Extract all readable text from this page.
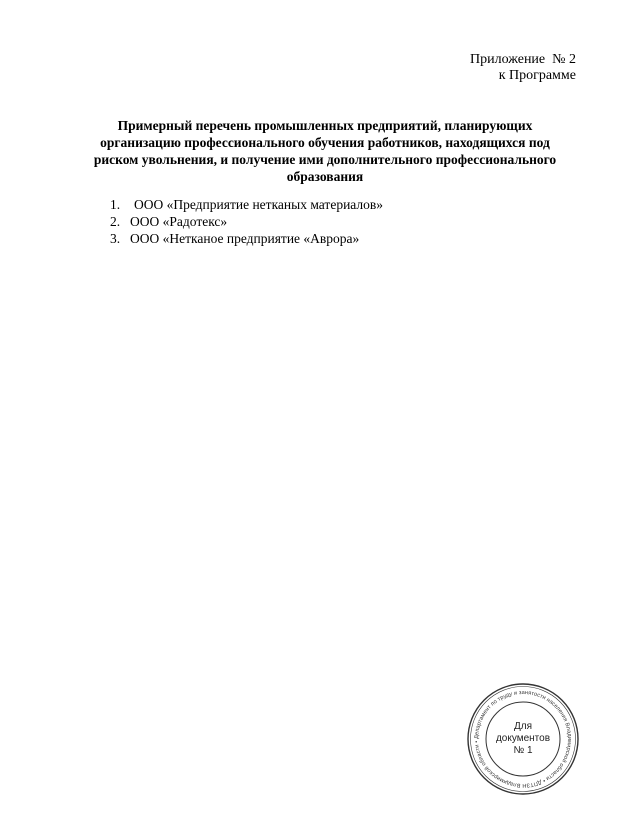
Приложение  № 2
к Программе
Примерный перечень промышленных предприятий, планирующих
организацию профессионального обучения работников, находящихся под
риском увольнения, и получение ими дополнительного профессионального
образования
1.	ООО «Предприятие нетканых материалов»
2. ООО «Радотекс»
3. ООО «Нетканое предприятие «Аврора»
Департамент по труду и занятости населения Владимирской области • ДПТЗН Владимирской области •
Для
документов
№ 1
